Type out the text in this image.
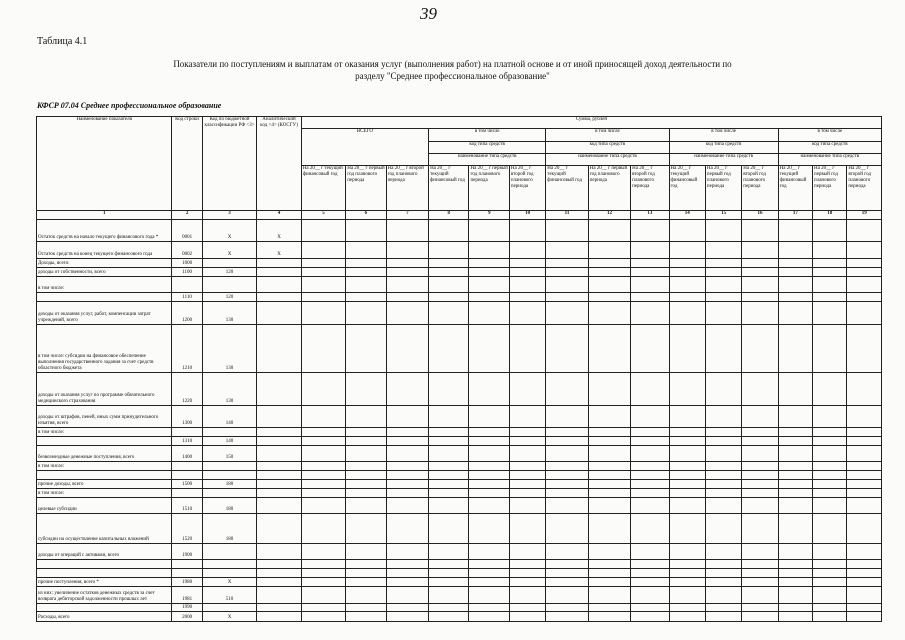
39
Таблица 4.1
Показатели по поступлениям и выплатам от оказания услуг (выполнения работ) на платной основе и от иной приносящей доход деятельности по
разделу "Среднее профессиональное образование"
КФСР 07.04 Среднее профессиональное образование
Наименование показателя	Код строки	Код по бюджетной классификации РФ <3>	Аналитический код <4> (КОСГУ)	Сумма, рублей														
				ВСЕГО			в том числе			в том числе			в том числе			в том числе		
							код типа средств			код типа средств			код типа средств			код типа средств		
							наименование типа средств			наименование типа средств			наименование типа средств			наименование типа средств		
				На 20__ г текущий финансовый год	На 20__ г первый год планового периода	На 20__ г второй год планового периода	На 20__ г текущий финансовый год	На 20__ г первый год планового периода	На 20__ г второй год планового периода	На 20__ г текущий финансовый год	На 20__ г первый год планового периода	На 20__ г второй год планового периода	На 20__ г текущий финансовый год	На 20__ г первый год планового периода	На 20__ г второй год планового периода	На 20__ г текущий финансовый год	На 20__ г первый год планового периода	На 20__ г второй год планового периода
1	2	3	4	5	6	7	8	9	10	11	12	13	14	15	16	17	18	19
Остаток средств на начало текущего финансового года *	0001	X	X															
Остаток средств на конец текущего финансового года	0002	X	X															
Доходы, всего:	1000																	
доходы от собственности, всего	1100	120																
в том числе:																		
	1110	120																
доходы от оказания услуг, работ, компенсации затрат учреждений, всего	1200	130																
в том числе: субсидии на финансовое обеспечение выполнения государственного задания за счет средств областного бюджета	1210	130																
доходы от оказания услуг по программе обязательного медицинского страхования	1220	130																
доходы от штрафов, пеней, иных сумм принудительного изъятия, всего	1300	140																
в том числе:																		
	1310	140																
безвозмездные денежные поступления, всего	1400	150																
в том числе:																		

прочие доходы, всего	1500	180																
в том числе:																		
целевые субсидии	1510	180																
субсидии на осуществление капитальных вложений	1520	180																
доходы от операций с активами, всего	1900																	

прочие поступления, всего *	1980	X																
из них: увеличение остатков денежных средств за счет возврата дебиторской задолженности прошлых лет	1981	510																
	1990																	
Расходы, всего	2000	X																
